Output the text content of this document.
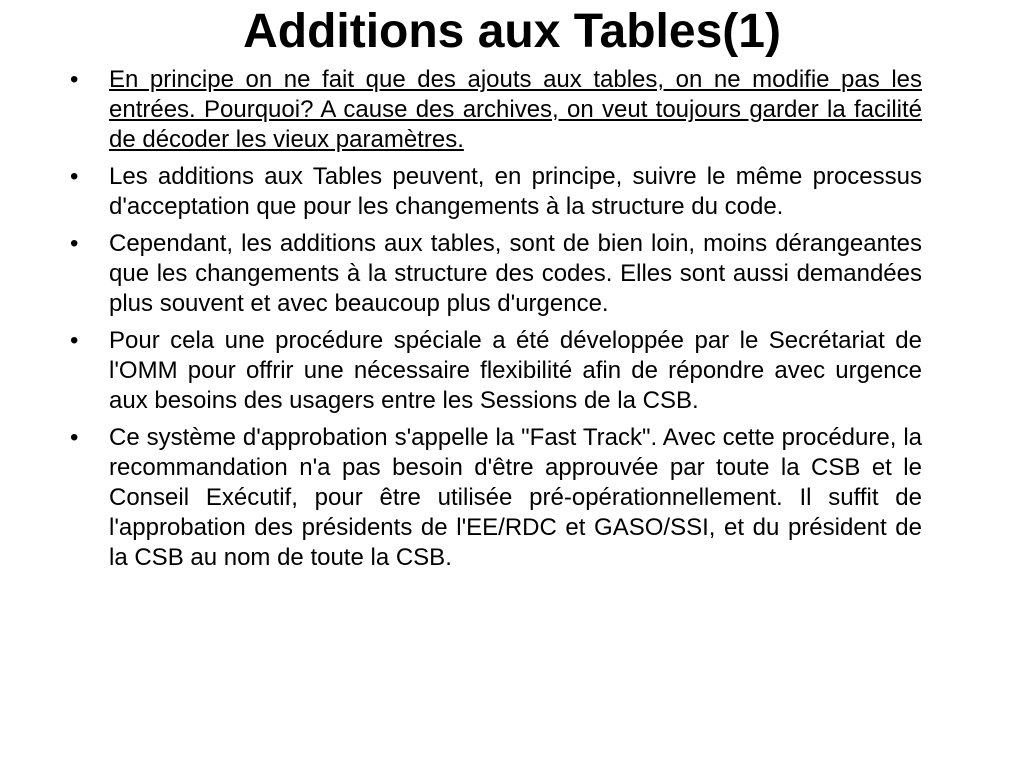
Additions aux Tables(1)
•	En principe on ne fait que des ajouts aux tables, on ne modifie pas les entrées. Pourquoi? A cause des archives, on veut toujours garder la facilité de décoder les vieux paramètres.
•	Les additions aux Tables peuvent, en principe, suivre le même processus d'acceptation que pour les changements à la structure du code.
•	Cependant, les additions aux tables, sont de bien loin, moins dérangeantes que les changements à la structure des codes. Elles sont aussi demandées plus souvent et avec beaucoup plus d'urgence.
•	Pour cela une procédure spéciale a été développée par le Secrétariat de l'OMM pour offrir une nécessaire flexibilité afin de répondre avec urgence aux besoins des usagers entre les Sessions de la CSB.
•	Ce système d'approbation s'appelle la "Fast Track". Avec cette procédure, la recommandation n'a pas besoin d'être approuvée par toute la CSB et le Conseil Exécutif, pour être utilisée pré-opérationnellement. Il suffit de l'approbation des présidents de l'EE/RDC et GASO/SSI, et du président de la CSB au nom de toute la CSB.
